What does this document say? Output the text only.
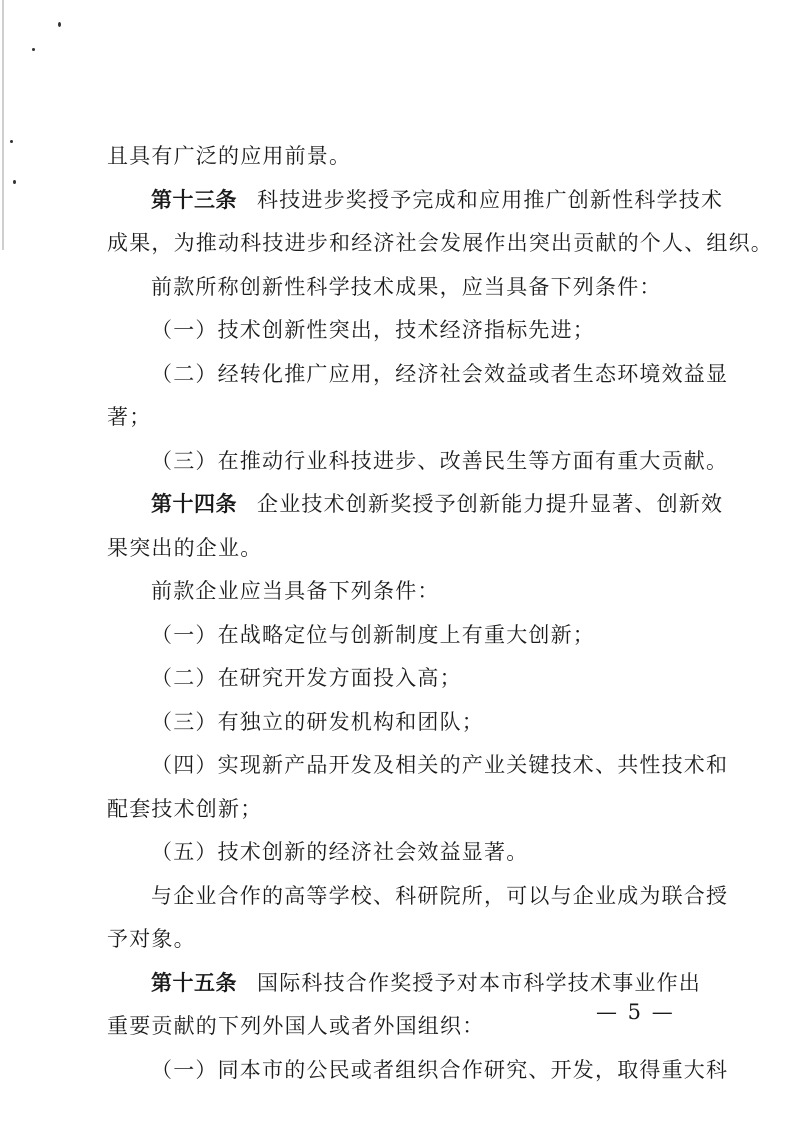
且具有广泛的应用前景。
第十三条 科技进步奖授予完成和应用推广创新性科学技术
成果，为推动科技进步和经济社会发展作出突出贡献的个人、组织。
前款所称创新性科学技术成果，应当具备下列条件：
（一）技术创新性突出，技术经济指标先进；
（二）经转化推广应用，经济社会效益或者生态环境效益显
著；
（三）在推动行业科技进步、改善民生等方面有重大贡献。
第十四条 企业技术创新奖授予创新能力提升显著、创新效
果突出的企业。
前款企业应当具备下列条件：
（一）在战略定位与创新制度上有重大创新；
（二）在研究开发方面投入高；
（三）有独立的研发机构和团队；
（四）实现新产品开发及相关的产业关键技术、共性技术和
配套技术创新；
（五）技术创新的经济社会效益显著。
与企业合作的高等学校、科研院所，可以与企业成为联合授
予对象。
第十五条 国际科技合作奖授予对本市科学技术事业作出
重要贡献的下列外国人或者外国组织：
（一）同本市的公民或者组织合作研究、开发，取得重大科
— 5 —
